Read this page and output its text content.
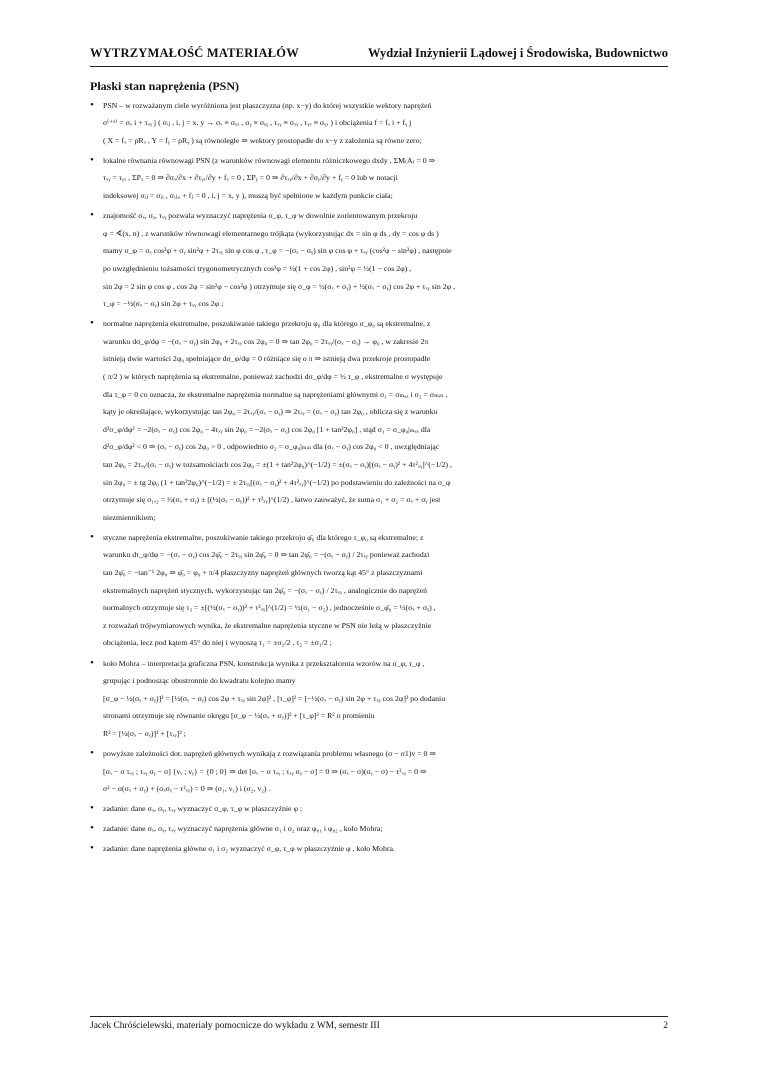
WYTRZYMAŁOŚĆ MATERIAŁÓW	Wydział Inżynierii Lądowej i Środowiska, Budownictwo
Płaski stan naprężenia (PSN)
• PSN – w rozważanym ciele wyróżniona jest płaszczyzna (np. x−y) do której wszystkie wektory naprężeń
σ⁽⁺ˣ⁾ = σₓ i + τₓᵧ j ( σᵢⱼ , i, j = x, y → σₓ ≡ σₓₓ , σᵧ ≡ σᵧᵧ , τₓᵧ ≡ σₓᵧ , τᵧₓ ≡ σᵧₓ ) i obciążenia f = fₓ i + fᵧ j
( X = fₓ = ρRₓ , Y = fᵧ = ρRᵧ ) są równoległe ⇒ wektory prostopadłe do x−y z założenia są równe zero;
• lokalne równania równowagi PSN (z warunków równowagi elementu różniczkowego dxdy , ΣM₍A₎ = 0 ⇒
τₓᵧ = τᵧₓ , ΣPₓ = 0 ⇒ ∂σₓ/∂x + ∂τᵧₓ/∂y + fₓ = 0 , ΣPᵧ = 0 ⇒ ∂τₓᵧ/∂x + ∂σᵧ/∂y + fᵧ = 0 lub w notacji
indeksowej σᵢⱼ = σⱼᵢ , σᵢⱼ,ᵢ + fⱼ = 0 , i, j = x, y ), muszą być spełnione w każdym punkcie ciała;
• znajomość σₓ, σᵧ, τₓᵧ pozwala wyznaczyć naprężenia σ_φ, τ_φ w dowolnie zorientowanym przekroju
φ = ∢(x, n) , z warunków równowagi elementarnego trójkąta (wykorzystując dx = sin φ ds , dy = cos φ ds )
mamy σ_φ = σₓ cos²φ + σᵧ sin²φ + 2τₓᵧ sin φ cos φ , τ_φ = −(σₓ − σᵧ) sin φ cos φ + τₓᵧ (cos²φ − sin²φ) , następnie
po uwzględnieniu tożsamości trygonometrycznych cos²φ = ½(1 + cos 2φ) , sin²φ = ½(1 − cos 2φ) ,
sin 2φ = 2 sin φ cos φ , cos 2φ = sin²φ − cos²φ ) otrzymuje się σ_φ = ½(σₓ + σᵧ) + ½(σₓ − σᵧ) cos 2φ + τₓᵧ sin 2φ ,
τ_φ = −½(σₓ − σᵧ) sin 2φ + τₓᵧ cos 2φ ;
• normalne naprężenia ekstremalne, poszukiwanie takiego przekroju φ₀ dla którego σ_φ₀ są ekstremalne, z
warunku dσ_φ/dφ = −(σₓ − σᵧ) sin 2φ₀ + 2τₓᵧ cos 2φ₀ = 0 ⇒ tan 2φ₀ = 2τₓᵧ/(σₓ − σᵧ) → φ₀ , w zakresie 2π
istnieją dwie wartości 2φ₀ spełniające dσ_φ/dφ = 0 różniące się o π ⇒ istnieją dwa przekroje prostopadłe
( π/2 ) w których naprężenia są ekstremalne, ponieważ zachodzi dσ_φ/dφ = ½ τ_φ , ekstremalne σ występuje
dla τ_φ = 0 co oznacza, że ekstremalne naprężenia normalne są naprężeniami głównymi σ₁ = σₘₐₓ i σ₂ = σₘᵢₙ ,
kąty je określające, wykorzystując tan 2φ₀ = 2τₓᵧ/(σₓ − σᵧ) ⇒ 2τₓᵧ = (σₓ − σᵧ) tan 2φ₀ , oblicza się z warunku
d²σ_φ/dφ² = −2(σₓ − σᵧ) cos 2φ₀ − 4τₓᵧ sin 2φ₀ = −2(σₓ − σᵧ) cos 2φ₀ [1 + tan²2φ₀] , stąd σ₁ = σ_φ₀|ₘₐₓ dla
d²σ_φ/dφ² < 0 ⇒ (σₓ − σᵧ) cos 2φ₀ > 0 , odpowiednio σ₂ = σ_φ₀|ₘᵢₙ dla (σₓ − σᵧ) cos 2φ₀ < 0 , uwzględniając
tan 2φ₀ = 2τₓᵧ/(σₓ − σᵧ) w tożsamościach cos 2φ₀ = ±(1 + tan²2φ₀)^(−1/2) = ±(σₓ − σᵧ)[(σₓ − σᵧ)² + 4τ²ₓᵧ]^(−1/2) ,
sin 2φ₀ = ± tg 2φ₀ (1 + tan²2φ₀)^(−1/2) = ± 2τₓᵧ[(σₓ − σᵧ)² + 4τ²ₓᵧ]^(−1/2) po podstawieniu do zależności na σ_φ
otrzymuje się σ₁,₂ = ½(σₓ + σᵧ) ± [(½(σₓ − σᵧ))² + τ²ₓᵧ]^(1/2) , łatwo zauważyć, że suma σ₁ + σ₂ = σₓ + σᵧ jest
niezmiennikiem;
• styczne naprężenia ekstremalne, poszukiwanie takiego przekroju φ̄₀ dla którego τ_φ₀ są ekstremalne; z
warunku dτ_φ/dφ = −(σₓ − σᵧ) cos 2φ̄₀ − 2τₓᵧ sin 2φ̄₀ = 0 ⇒ tan 2φ̄₀ = −(σₓ − σᵧ) / 2τₓᵧ ponieważ zachodzi
tan 2φ̄₀ = −tan⁻¹ 2φ₀ ⇒ φ̄₀ = φ₀ + π/4 płaszczyzny naprężeń głównych tworzą kąt 45° z płaszczyznami
ekstremalnych naprężeń stycznych, wykorzystując tan 2φ̄₀ = −(σₓ − σᵧ) / 2τₓᵧ , analogicznie do naprężeń
normalnych otrzymuje się τ₃ = ±[(½(σₓ − σᵧ))² + τ²ₓᵧ]^(1/2) = ½(σ₁ − σ₂) , jednocześnie σ_φ̄₀ = ½(σₓ + σᵧ) ,
z rozważań trójwymiarowych wynika, że ekstremalne naprężenia styczne w PSN nie leżą w płaszczyźnie
obciążenia, lecz pod kątem 45° do niej i wynoszą τ₁ = ±σ₂/2 , τ₂ = ±σ₁/2 ;
• koło Mohra – interpretacja graficzna PSN, konstrukcja wynika z przekształcenia wzorów na σ_φ, τ_φ ,
grupując i podnosząc obustronnie do kwadratu kolejno mamy
[σ_φ − ½(σₓ + σᵧ)]² = [½(σₓ − σᵧ) cos 2φ + τₓᵧ sin 2φ]² , [τ_φ]² = [−½(σₓ − σᵧ) sin 2φ + τₓᵧ cos 2φ]² po dodaniu
stronami otrzymuje się równanie okręgu [σ_φ − ½(σₓ + σᵧ)]² + [τ_φ]² = R² o promieniu
R² = [½(σₓ − σᵧ)]² + [τₓᵧ]² ;
• powyższe zależności dot. naprężeń głównych wynikają z rozwiązania problemu własnego (σ − σ1)v = 0 ⇒
[σₓ − σ τₓᵧ ; τₓᵧ σᵧ − σ] {νₓ ; νᵧ} = {0 ; 0} ⇒ det [σₓ − σ τₓᵧ ; τₓᵧ σᵧ − σ] = 0 ⇒ (σₓ − σ)(σᵧ − σ) − τ²ₓᵧ = 0 ⇒
σ² − σ(σₓ + σᵧ) + (σₓσᵧ − τ²ₓᵧ) = 0 ⇒ (σ₁, v₁) i (σ₂, v₂) .
• zadanie: dane σₓ, σᵧ, τₓᵧ wyznaczyć σ_φ, τ_φ w płaszczyźnie φ ;
• zadanie: dane σₓ, σᵧ, τₓᵧ wyznaczyć naprężenia główne σ₁ i σ₂ oraz φ₀₁ i φ₀₂ , koło Mohra;
• zadanie: dane naprężenia główne σ₁ i σ₂ wyznaczyć σ_φ, τ_φ w płaszczyźnie φ , koło Mohra.
Jacek Chróścielewski, materiały pomocnicze do wykładu z WM, semestr III	2
